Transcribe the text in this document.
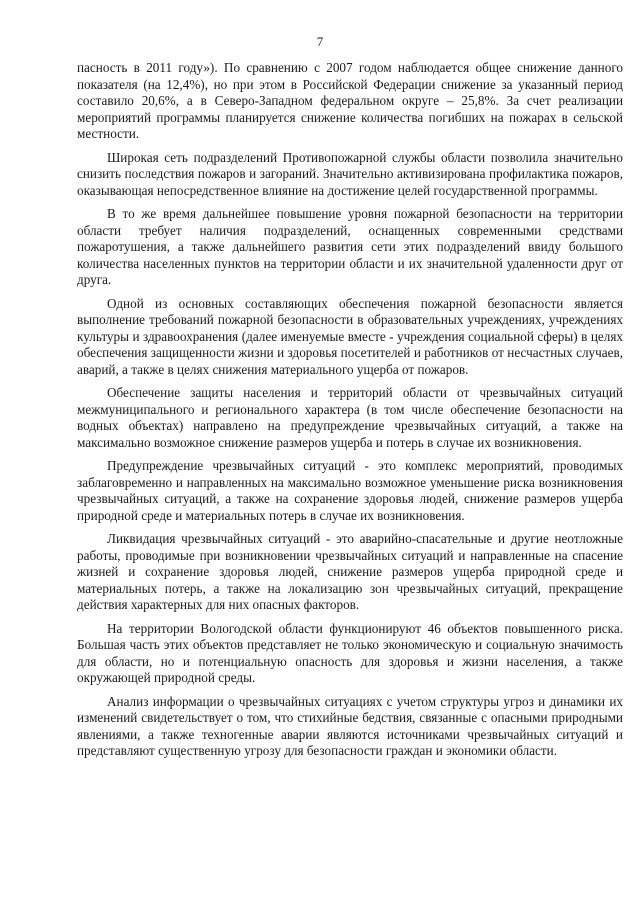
7

пасность в 2011 году»). По сравнению с 2007 годом наблюдается общее снижение данного показателя (на 12,4%), но при этом в Российской Федерации снижение за указанный период составило 20,6%, а в Северо-Западном федеральном округе – 25,8%. За счет реализации мероприятий программы планируется снижение количества погибших на пожарах в сельской местности.

Широкая сеть подразделений Противопожарной службы области позволила значительно снизить последствия пожаров и загораний. Значительно активизирована профилактика пожаров, оказывающая непосредственное влияние на достижение целей государственной программы.

В то же время дальнейшее повышение уровня пожарной безопасности на территории области требует наличия подразделений, оснащенных современными средствами пожаротушения, а также дальнейшего развития сети этих подразделений ввиду большого количества населенных пунктов на территории области и их значительной удаленности друг от друга.

Одной из основных составляющих обеспечения пожарной безопасности является выполнение требований пожарной безопасности в образовательных учреждениях, учреждениях культуры и здравоохранения (далее именуемые вместе - учреждения социальной сферы) в целях обеспечения защищенности жизни и здоровья посетителей и работников от несчастных случаев, аварий, а также в целях снижения материального ущерба от пожаров.

Обеспечение защиты населения и территорий области от чрезвычайных ситуаций межмуниципального и регионального характера (в том числе обеспечение безопасности на водных объектах) направлено на предупреждение чрезвычайных ситуаций, а также на максимально возможное снижение размеров ущерба и потерь в случае их возникновения.

Предупреждение чрезвычайных ситуаций - это комплекс мероприятий, проводимых заблаговременно и направленных на максимально возможное уменьшение риска возникновения чрезвычайных ситуаций, а также на сохранение здоровья людей, снижение размеров ущерба природной среде и материальных потерь в случае их возникновения.

Ликвидация чрезвычайных ситуаций - это аварийно-спасательные и другие неотложные работы, проводимые при возникновении чрезвычайных ситуаций и направленные на спасение жизней и сохранение здоровья людей, снижение размеров ущерба природной среде и материальных потерь, а также на локализацию зон чрезвычайных ситуаций, прекращение действия характерных для них опасных факторов.

На территории Вологодской области функционируют 46 объектов повышенного риска. Большая часть этих объектов представляет не только экономическую и социальную значимость для области, но и потенциальную опасность для здоровья и жизни населения, а также окружающей природной среды.

Анализ информации о чрезвычайных ситуациях с учетом структуры угроз и динамики их изменений свидетельствует о том, что стихийные бедствия, связанные с опасными природными явлениями, а также техногенные аварии являются источниками чрезвычайных ситуаций и представляют существенную угрозу для безопасности граждан и экономики области.
